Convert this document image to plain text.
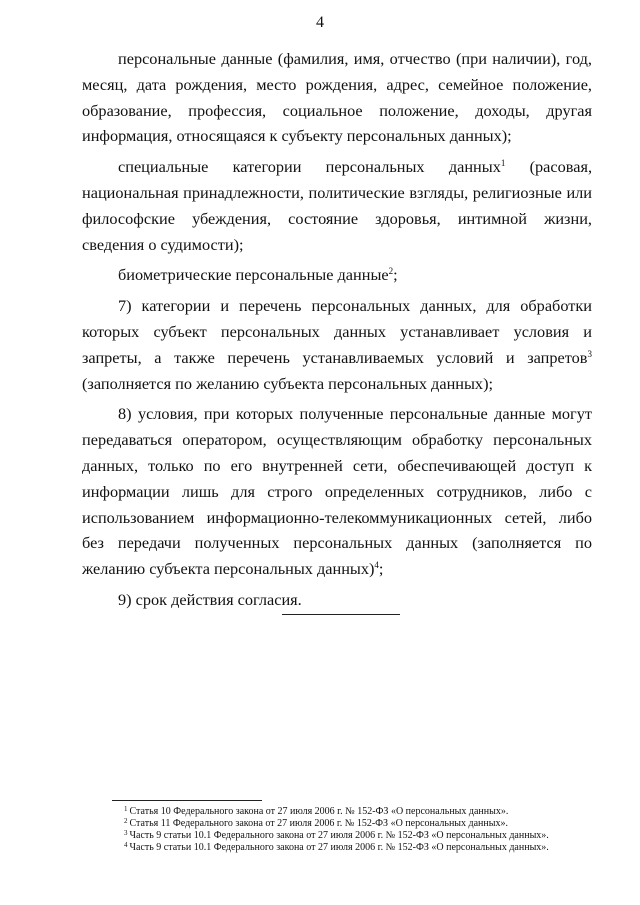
4

персональные данные (фамилия, имя, отчество (при наличии), год, месяц, дата рождения, место рождения, адрес, семейное положение, образование, профессия, социальное положение, доходы, другая информация, относящаяся к субъекту персональных данных);

специальные категории персональных данных$^1$ (расовая, национальная принадлежности, политические взгляды, религиозные или философские убеждения, состояние здоровья, интимной жизни, сведения о судимости);

биометрические персональные данные$^2$;

7) категории и перечень персональных данных, для обработки которых субъект персональных данных устанавливает условия и запреты, а также перечень устанавливаемых условий и запретов$^3$ (заполняется по желанию субъекта персональных данных);

8) условия, при которых полученные персональные данные могут передаваться оператором, осуществляющим обработку персональных данных, только по его внутренней сети, обеспечивающей доступ к информации лишь для строго определенных сотрудников, либо с использованием информационно-телекоммуникационных сетей, либо без передачи полученных персональных данных (заполняется по желанию субъекта персональных данных)$^4$;

9) срок действия согласия.

$^1$ Статья 10 Федерального закона от 27 июля 2006 г. № 152-ФЗ «О персональных данных».

$^2$ Статья 11 Федерального закона от 27 июля 2006 г. № 152-ФЗ «О персональных данных».

$^3$ Часть 9 статьи 10.1 Федерального закона от 27 июля 2006 г. № 152-ФЗ «О персональных данных».

$^4$ Часть 9 статьи 10.1 Федерального закона от 27 июля 2006 г. № 152-ФЗ «О персональных данных».
